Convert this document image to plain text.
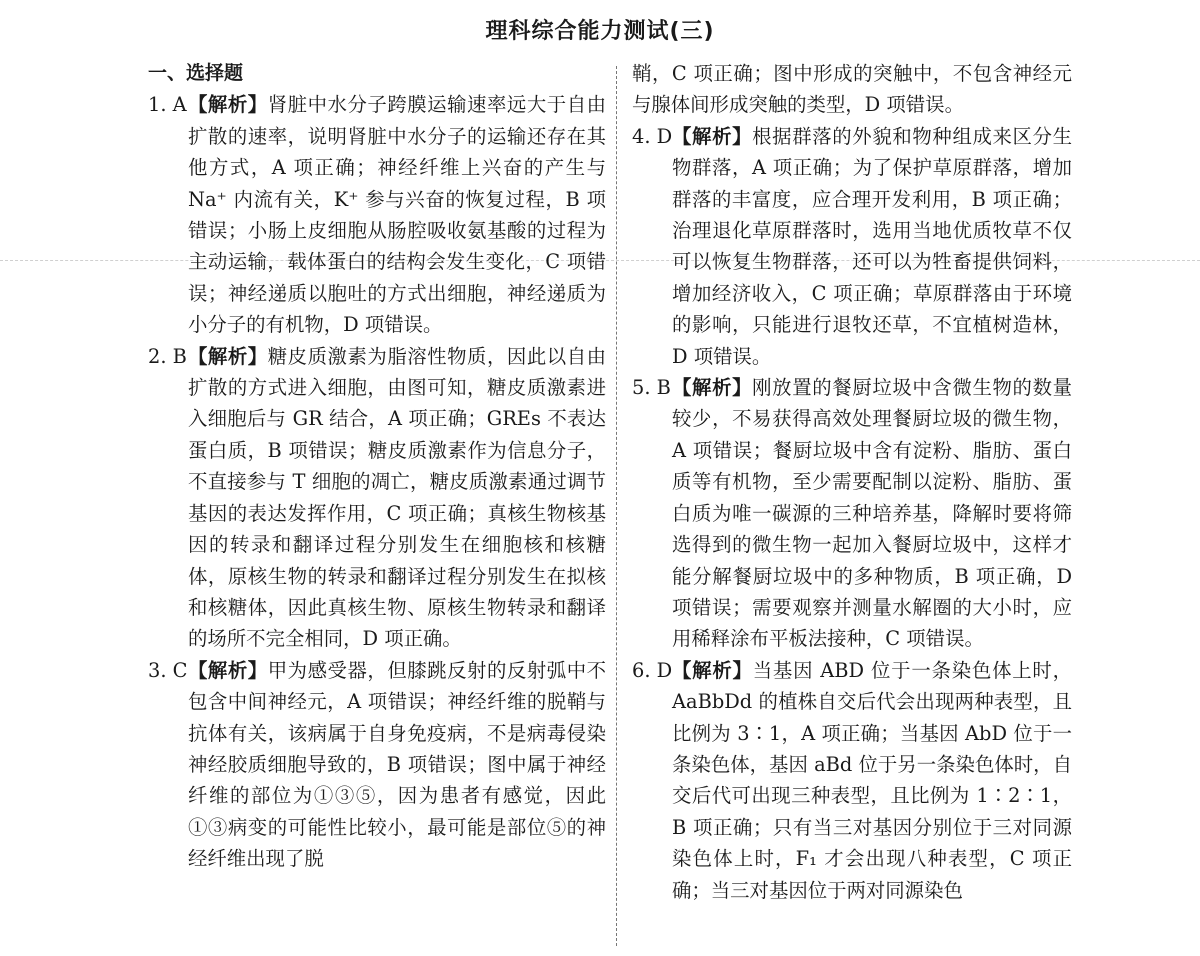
理科综合能力测试(三)

一、选择题

1. A 【解析】肾脏中水分子跨膜运输速率远大于自由扩散的速率，说明肾脏中水分子的运输还存在其他方式，A 项正确；神经纤维上兴奋的产生与 Na⁺ 内流有关，K⁺ 参与兴奋的恢复过程，B 项错误；小肠上皮细胞从肠腔吸收氨基酸的过程为主动运输，载体蛋白的结构会发生变化，C 项错误；神经递质以胞吐的方式出细胞，神经递质为小分子的有机物，D 项错误。

2. B 【解析】糖皮质激素为脂溶性物质，因此以自由扩散的方式进入细胞，由图可知，糖皮质激素进入细胞后与 GR 结合，A 项正确；GREs 不表达蛋白质，B 项错误；糖皮质激素作为信息分子，不直接参与 T 细胞的凋亡，糖皮质激素通过调节基因的表达发挥作用，C 项正确；真核生物核基因的转录和翻译过程分别发生在细胞核和核糖体，原核生物的转录和翻译过程分别发生在拟核和核糖体，因此真核生物、原核生物转录和翻译的场所不完全相同，D 项正确。

3. C 【解析】甲为感受器，但膝跳反射的反射弧中不包含中间神经元，A 项错误；神经纤维的脱鞘与抗体有关，该病属于自身免疫病，不是病毒侵染神经胶质细胞导致的，B 项错误；图中属于神经纤维的部位为①③⑤，因为患者有感觉，因此①③病变的可能性比较小，最可能是部位⑤的神经纤维出现了脱

鞘，C 项正确；图中形成的突触中，不包含神经元与腺体间形成突触的类型，D 项错误。

4. D 【解析】根据群落的外貌和物种组成来区分生物群落，A 项正确；为了保护草原群落，增加群落的丰富度，应合理开发利用，B 项正确；治理退化草原群落时，选用当地优质牧草不仅可以恢复生物群落，还可以为牲畜提供饲料，增加经济收入，C 项正确；草原群落由于环境的影响，只能进行退牧还草，不宜植树造林，D 项错误。

5. B 【解析】刚放置的餐厨垃圾中含微生物的数量较少，不易获得高效处理餐厨垃圾的微生物，A 项错误；餐厨垃圾中含有淀粉、脂肪、蛋白质等有机物，至少需要配制以淀粉、脂肪、蛋白质为唯一碳源的三种培养基，降解时要将筛选得到的微生物一起加入餐厨垃圾中，这样才能分解餐厨垃圾中的多种物质，B 项正确，D 项错误；需要观察并测量水解圈的大小时，应用稀释涂布平板法接种，C 项错误。

6. D 【解析】当基因 ABD 位于一条染色体上时，AaBbDd 的植株自交后代会出现两种表型，且比例为 3∶1，A 项正确；当基因 AbD 位于一条染色体，基因 aBd 位于另一条染色体时，自交后代可出现三种表型，且比例为 1∶2∶1，B 项正确；只有当三对基因分别位于三对同源染色体上时，F₁ 才会出现八种表型，C 项正确；当三对基因位于两对同源染色
